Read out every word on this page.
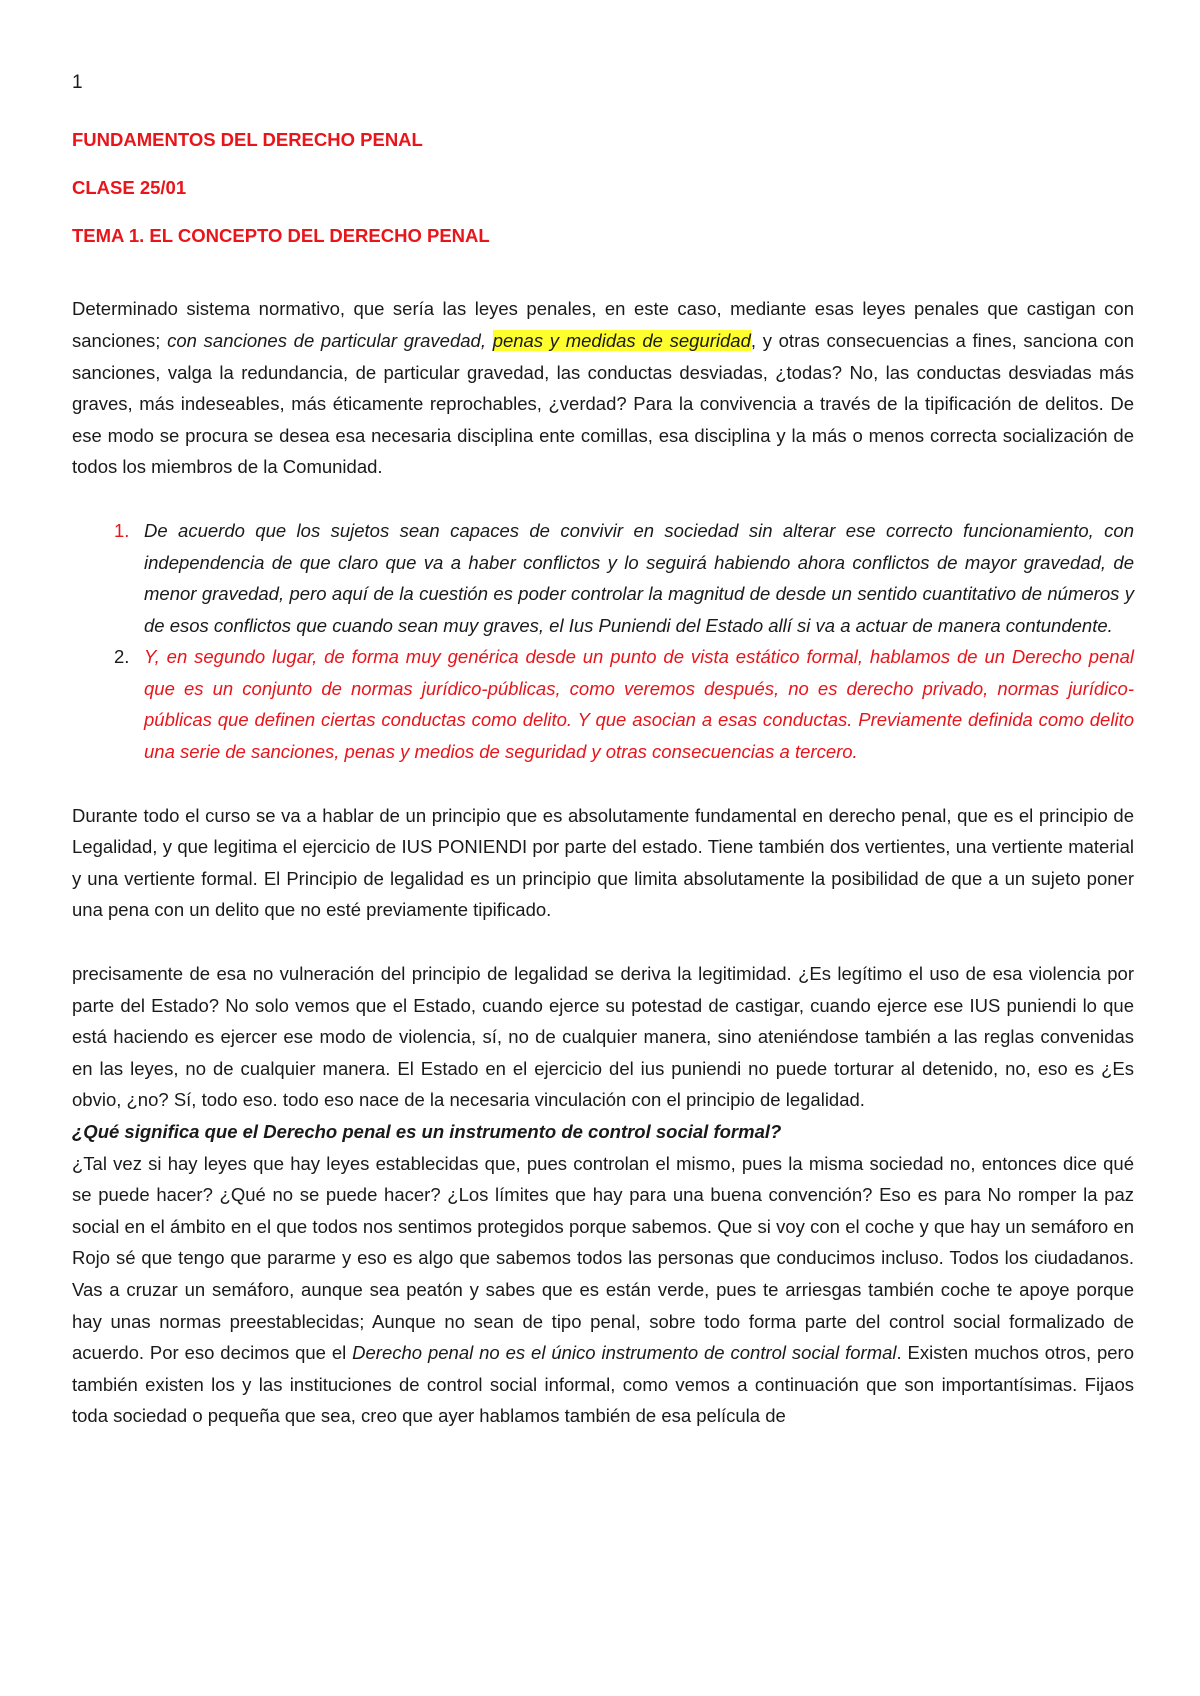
1
FUNDAMENTOS DEL DERECHO PENAL
CLASE 25/01
TEMA 1. EL CONCEPTO DEL DERECHO PENAL

Determinado sistema normativo, que sería las leyes penales, en este caso, mediante esas leyes penales que castigan con sanciones; con sanciones de particular gravedad, penas y medidas de seguridad, y otras consecuencias a fines, sanciona con sanciones, valga la redundancia, de particular gravedad, las conductas desviadas, ¿todas? No, las conductas desviadas más graves, más indeseables, más éticamente reprochables, ¿verdad? Para la convivencia a través de la tipificación de delitos. De ese modo se procura se desea esa necesaria disciplina ente comillas, esa disciplina y la más o menos correcta socialización de todos los miembros de la Comunidad.

1. De acuerdo que los sujetos sean capaces de convivir en sociedad sin alterar ese correcto funcionamiento, con independencia de que claro que va a haber conflictos y lo seguirá habiendo ahora conflictos de mayor gravedad, de menor gravedad, pero aquí de la cuestión es poder controlar la magnitud de desde un sentido cuantitativo de números y de esos conflictos que cuando sean muy graves, el Ius Puniendi del Estado allí si va a actuar de manera contundente.
2. Y, en segundo lugar, de forma muy genérica desde un punto de vista estático formal, hablamos de un Derecho penal que es un conjunto de normas jurídico-públicas, como veremos después, no es derecho privado, normas jurídico-públicas que definen ciertas conductas como delito. Y que asocian a esas conductas. Previamente definida como delito una serie de sanciones, penas y medios de seguridad y otras consecuencias a tercero.

Durante todo el curso se va a hablar de un principio que es absolutamente fundamental en derecho penal, que es el principio de Legalidad, y que legitima el ejercicio de IUS PONIENDI por parte del estado. Tiene también dos vertientes, una vertiente material y una vertiente formal. El Principio de legalidad es un principio que limita absolutamente la posibilidad de que a un sujeto poner una pena con un delito que no esté previamente tipificado.

precisamente de esa no vulneración del principio de legalidad se deriva la legitimidad. ¿Es legítimo el uso de esa violencia por parte del Estado? No solo vemos que el Estado, cuando ejerce su potestad de castigar, cuando ejerce ese IUS puniendi lo que está haciendo es ejercer ese modo de violencia, sí, no de cualquier manera, sino ateniéndose también a las reglas convenidas en las leyes, no de cualquier manera. El Estado en el ejercicio del ius puniendi no puede torturar al detenido, no, eso es ¿Es obvio, ¿no? Sí, todo eso. todo eso nace de la necesaria vinculación con el principio de legalidad.

¿Qué significa que el Derecho penal es un instrumento de control social formal?

¿Tal vez si hay leyes que hay leyes establecidas que, pues controlan el mismo, pues la misma sociedad no, entonces dice qué se puede hacer? ¿Qué no se puede hacer? ¿Los límites que hay para una buena convención? Eso es para No romper la paz social en el ámbito en el que todos nos sentimos protegidos porque sabemos. Que si voy con el coche y que hay un semáforo en Rojo sé que tengo que pararme y eso es algo que sabemos todos las personas que conducimos incluso. Todos los ciudadanos. Vas a cruzar un semáforo, aunque sea peatón y sabes que es están verde, pues te arriesgas también coche te apoye porque hay unas normas preestablecidas; Aunque no sean de tipo penal, sobre todo forma parte del control social formalizado de acuerdo. Por eso decimos que el Derecho penal no es el único instrumento de control social formal. Existen muchos otros, pero también existen los y las instituciones de control social informal, como vemos a continuación que son importantísimas. Fijaos toda sociedad o pequeña que sea, creo que ayer hablamos también de esa película de
